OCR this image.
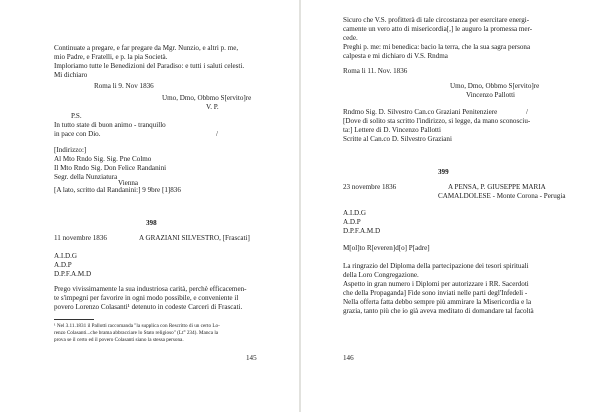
Continuate a pregare, e far pregare da Mgr. Nunzio, e altri p. me,
mio Padre, e Fratelli, e p. la pia Società.
Imploriamo tutte le Benedizioni del Paradiso: e tutti i saluti celesti.
Mi dichiaro
Roma li 9. Nov 1836
Umo, Dmo, Obbmo S[ervito]re
V. P.
P.S.
In tutto state di buon animo - tranquillo
in pace con Dio.	/
[Indirizzo:]
Al Mto Rndo Sig. Sig. Pne Colmo
Il Mto Rndo Sig. Don Felice Randanini
Segr. della Nunziatura
Vienna
[A lato, scritto dal Randanini:] 9 9bre [1]836
398
11 novembre 1836	A GRAZIANI SILVESTRO, [Frascati]
A.I.D.G
A.D.P
D.P.F.A.M.D
Prego vivissimamente la sua industriosa carità, perchè efficacemen-
te s'impegni per favorire in ogni modo possibile, e conveniente il
povero Lorenzo Colasanti¹ detenuto in codeste Carceri di Frascati.
¹ Nel 3.11.1831 il Pallotti raccomanda "la supplica con Rescritto di un certo Lo-
renzo Colasanti...che brama abbracciare lo Stato religioso" (Lt° 234). Manca la
prova se il certo ed il povero Colasanti siano la stessa persona.
145
Sicuro che V.S. profitterà di tale circostanza per esercitare energi-
camente un vero atto di misericordia[,] le auguro la promessa mer-
cede.
Preghi p. me: mi benedica: bacio la terra, che la sua sagra persona
calpesta e mi dichiaro di V.S. Rndma
Roma li 11. Nov. 1836
Umo, Dmo, Obbmo S[ervito]re
Vincenzo Pallotti
Rndmo Sig. D. Silvestro Can.co Graziani Penitenziere	/
[Dove di solito sta scritto l'indirizzo, si legge, da mano sconosciu-
ta:] Lettere di D. Vincenzo Pallotti
Scritte al Can.co D. Silvestro Graziani
399
23 novembre 1836	A PENSA, P. GIUSEPPE MARIA
CAMALDOLESE - Monte Corona - Perugia
A.I.D.G
A.D.P
D.P.F.A.M.D
M[ol]to R[everen]d[o] P[adre]
La ringrazio del Diploma della partecipazione dei tesori spirituali
della Loro Congregazione.
Aspetto in gran numero i Diplomi per autorizzare i RR. Sacerdoti
che della Propaganda] Fide sono inviati nelle parti degl'Infedeli -
Nella offerta fatta debbo sempre più ammirare la Misericordia e la
grazia, tanto più che io già aveva meditato di domandare tal facoltà
146
